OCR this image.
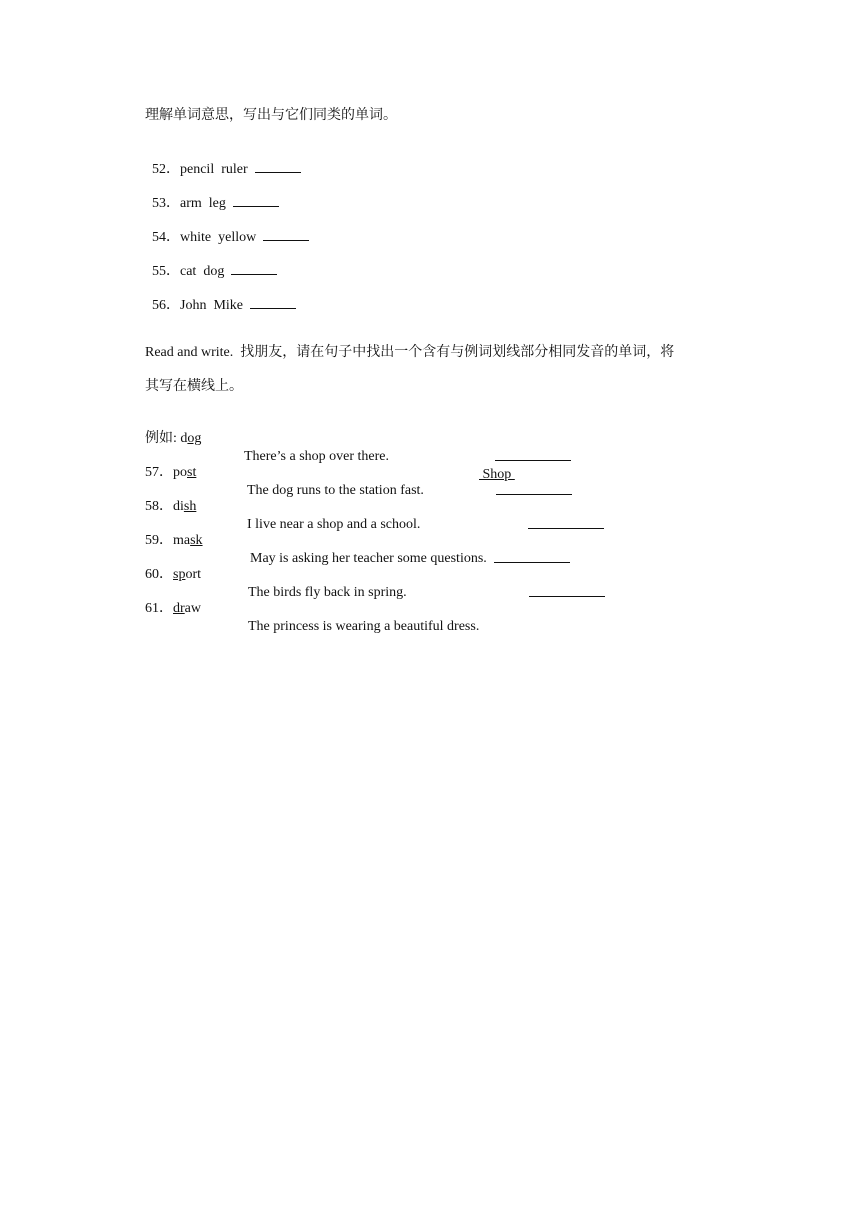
理解单词意思，写出与它们同类的单词。

52．pencil  ruler

53．arm  leg

54．white  yellow

55．cat  dog

56．John  Mike

Read and write.  找朋友，请在句子中找出一个含有与例词划线部分相同发音的单词，将
其写在横线上。

例如: dog

There’s a shop over there.

Shop

57．post

The dog runs to the station fast.

58．dish

I live near a shop and a school.

59．mask

May is asking her teacher some questions.

60．sport

The birds fly back in spring.

61．draw

The princess is wearing a beautiful dress.
